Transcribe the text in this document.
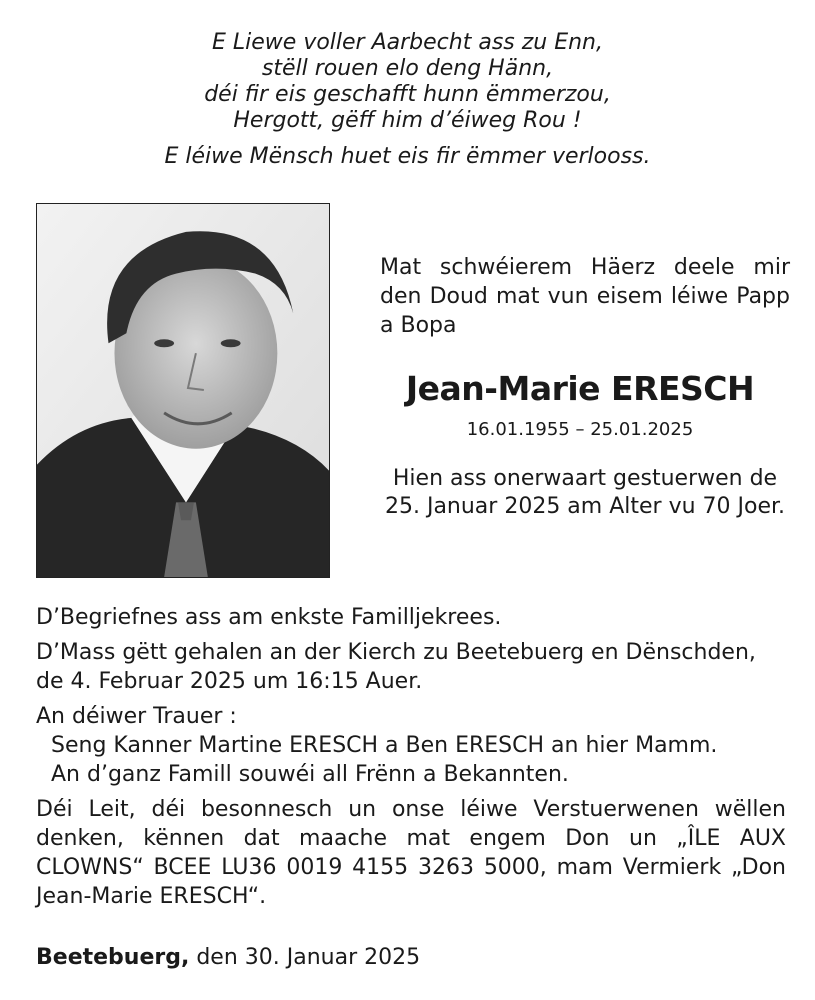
E Liewe voller Aarbecht ass zu Enn,
stëll rouen elo deng Hänn,
déi fir eis geschafft hunn ëmmerzou,
Hergott, gëff him d’éiweg Rou !
E léiwe Mënsch huet eis fir ëmmer verlooss.
Mat schwéierem Häerz deele mir den Doud mat vun eisem léiwe Papp a Bopa
Jean-Marie ERESCH
16.01.1955 – 25.01.2025
Hien ass onerwaart gestuerwen de
25. Januar 2025 am Alter vu 70 Joer.

D’Begriefnes ass am enkste Familljekrees.

D’Mass gëtt gehalen an der Kierch zu Beetebuerg en Dënschden,
de 4. Februar 2025 um 16:15 Auer.

An déiwer Trauer :

Seng Kanner Martine ERESCH a Ben ERESCH an hier Mamm.

An d’ganz Famill souwéi all Frënn a Bekannten.

Déi Leit, déi besonnesch un onse léiwe Verstuerwenen wëllen denken, kënnen dat maache mat engem Don un „ÎLE AUX CLOWNS“ BCEE LU36 0019 4155 3263 5000, mam Vermierk „Don Jean-Marie ERESCH“.

Beetebuerg, den 30. Januar 2025
